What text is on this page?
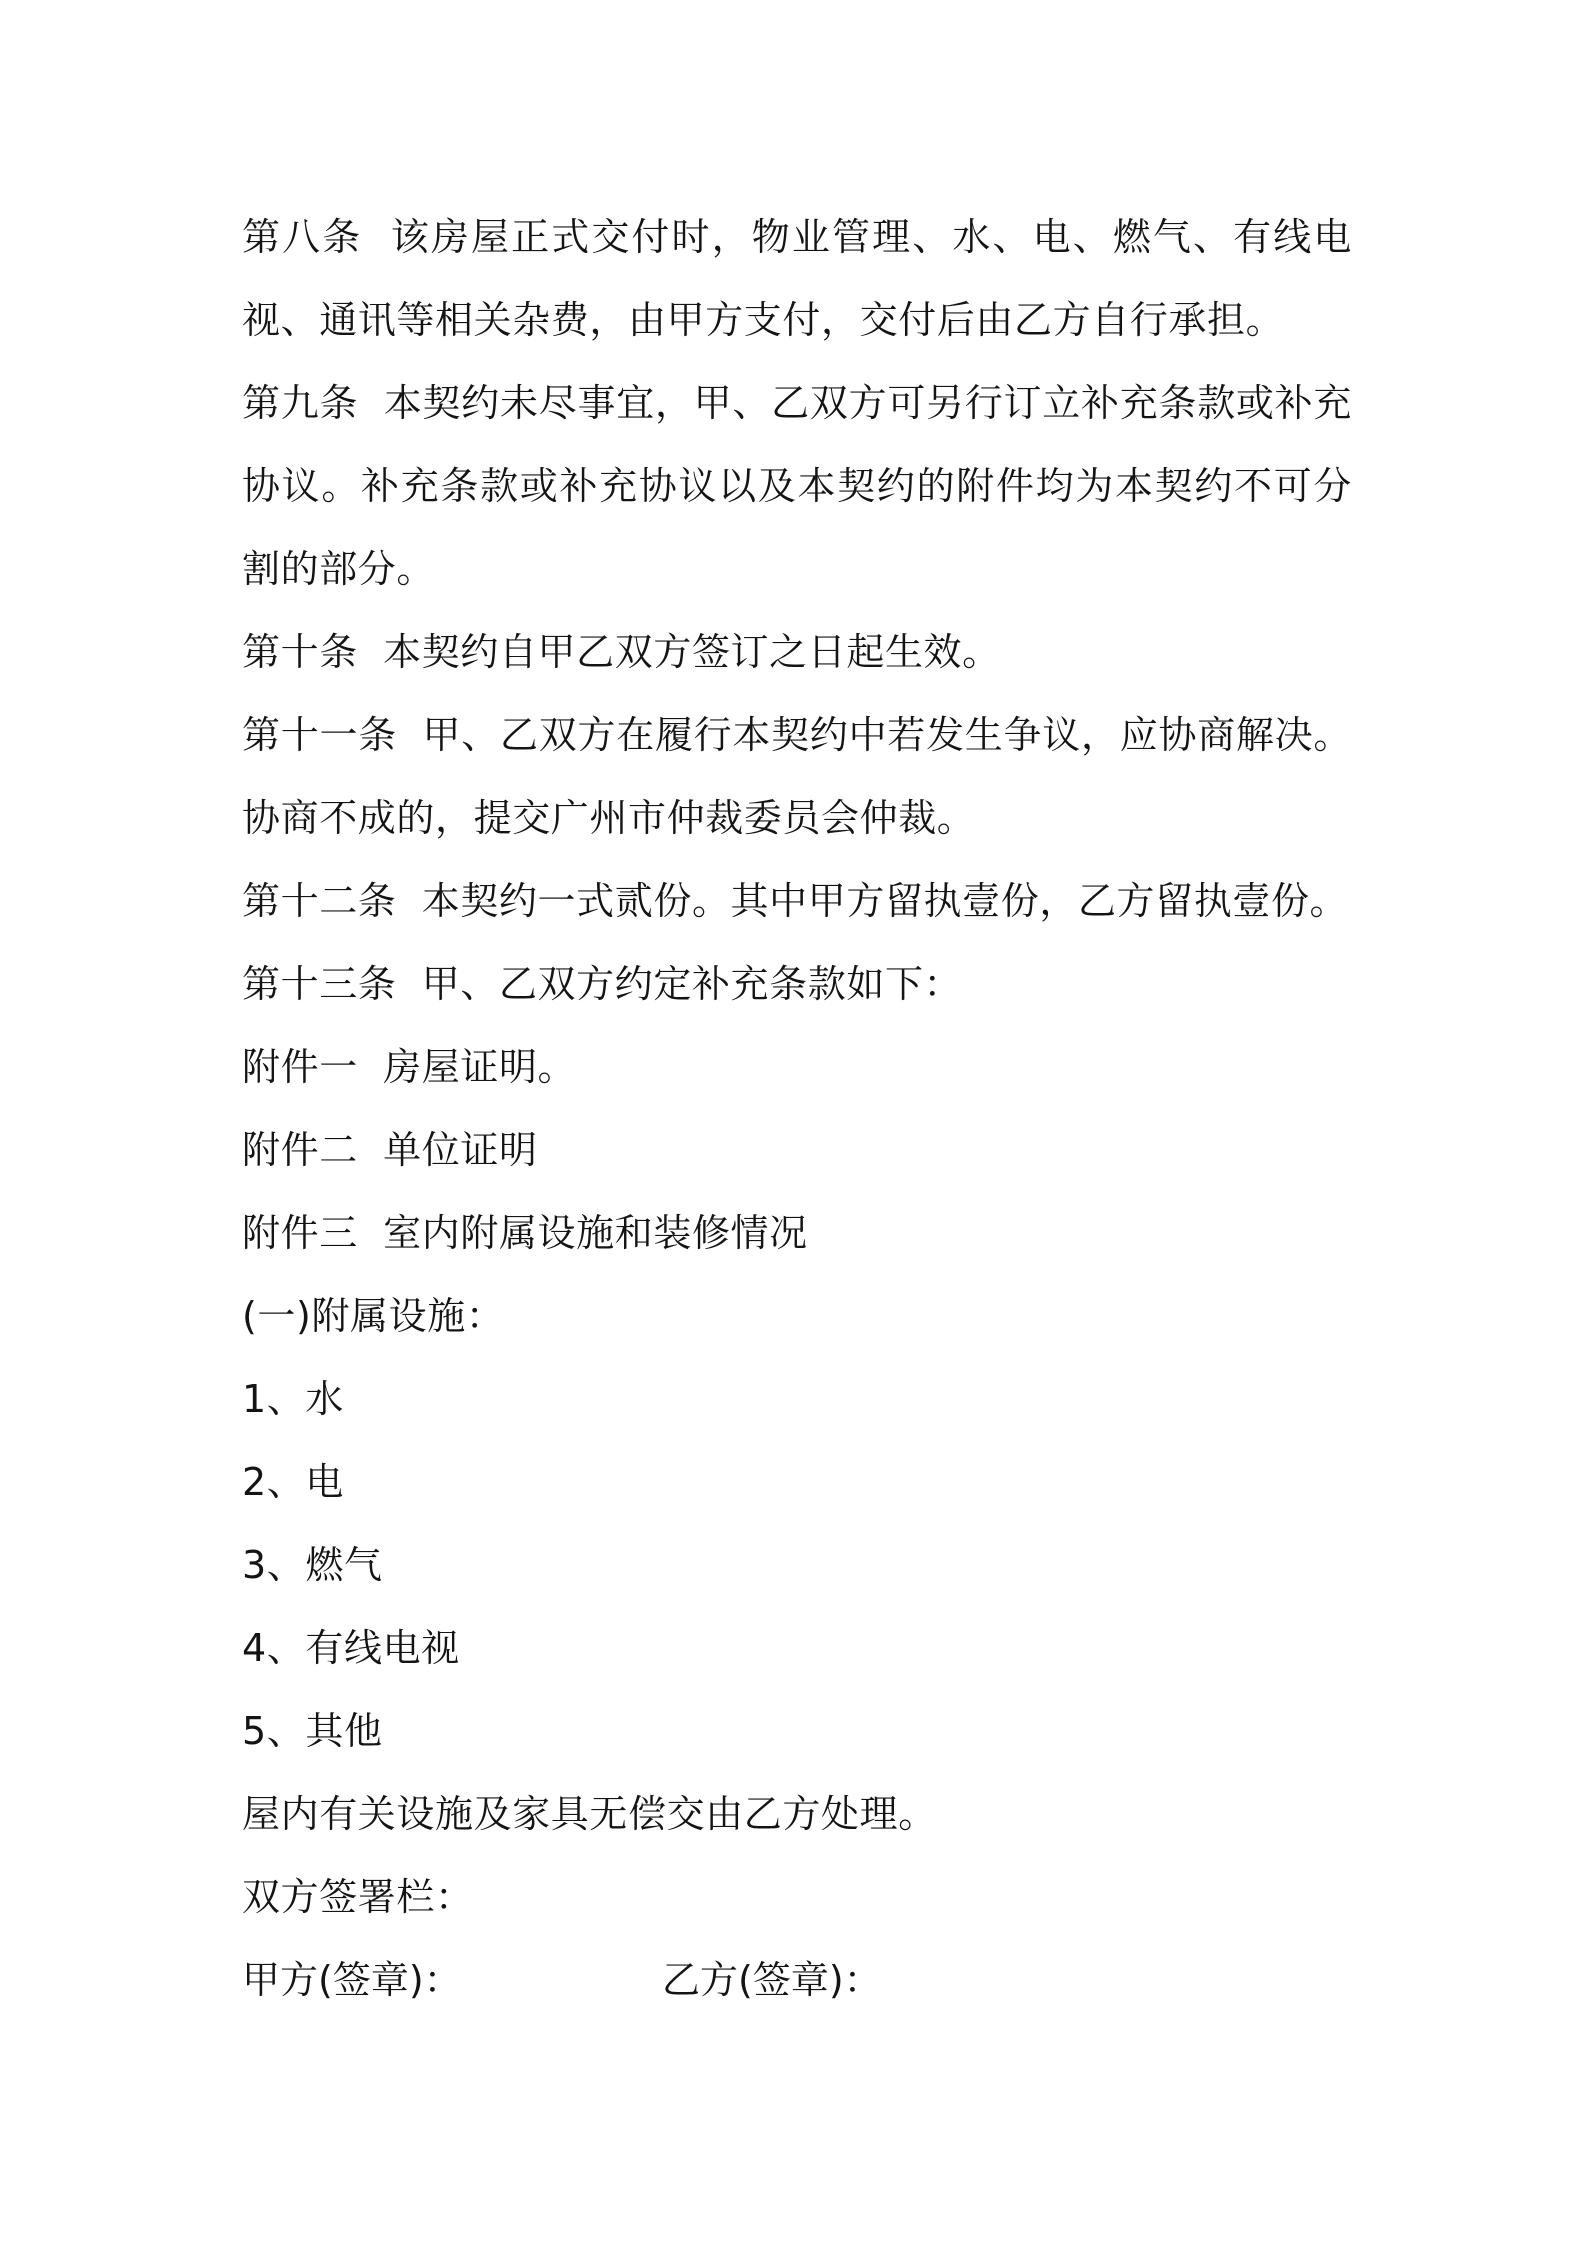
第八条  该房屋正式交付时，物业管理、水、电、燃气、有线电视、通讯等相关杂费，由甲方支付，交付后由乙方自行承担。

第九条  本契约未尽事宜，甲、乙双方可另行订立补充条款或补充协议。补充条款或补充协议以及本契约的附件均为本契约不可分割的部分。

第十条  本契约自甲乙双方签订之日起生效。

第十一条  甲、乙双方在履行本契约中若发生争议，应协商解决。协商不成的，提交广州市仲裁委员会仲裁。

第十二条  本契约一式贰份。其中甲方留执壹份，乙方留执壹份。

第十三条  甲、乙双方约定补充条款如下：

附件一  房屋证明。

附件二  单位证明

附件三  室内附属设施和装修情况

(一)附属设施：

1、水

2、电

3、燃气

4、有线电视

5、其他

屋内有关设施及家具无偿交由乙方处理。

双方签署栏：

甲方(签章)：	乙方(签章)：
